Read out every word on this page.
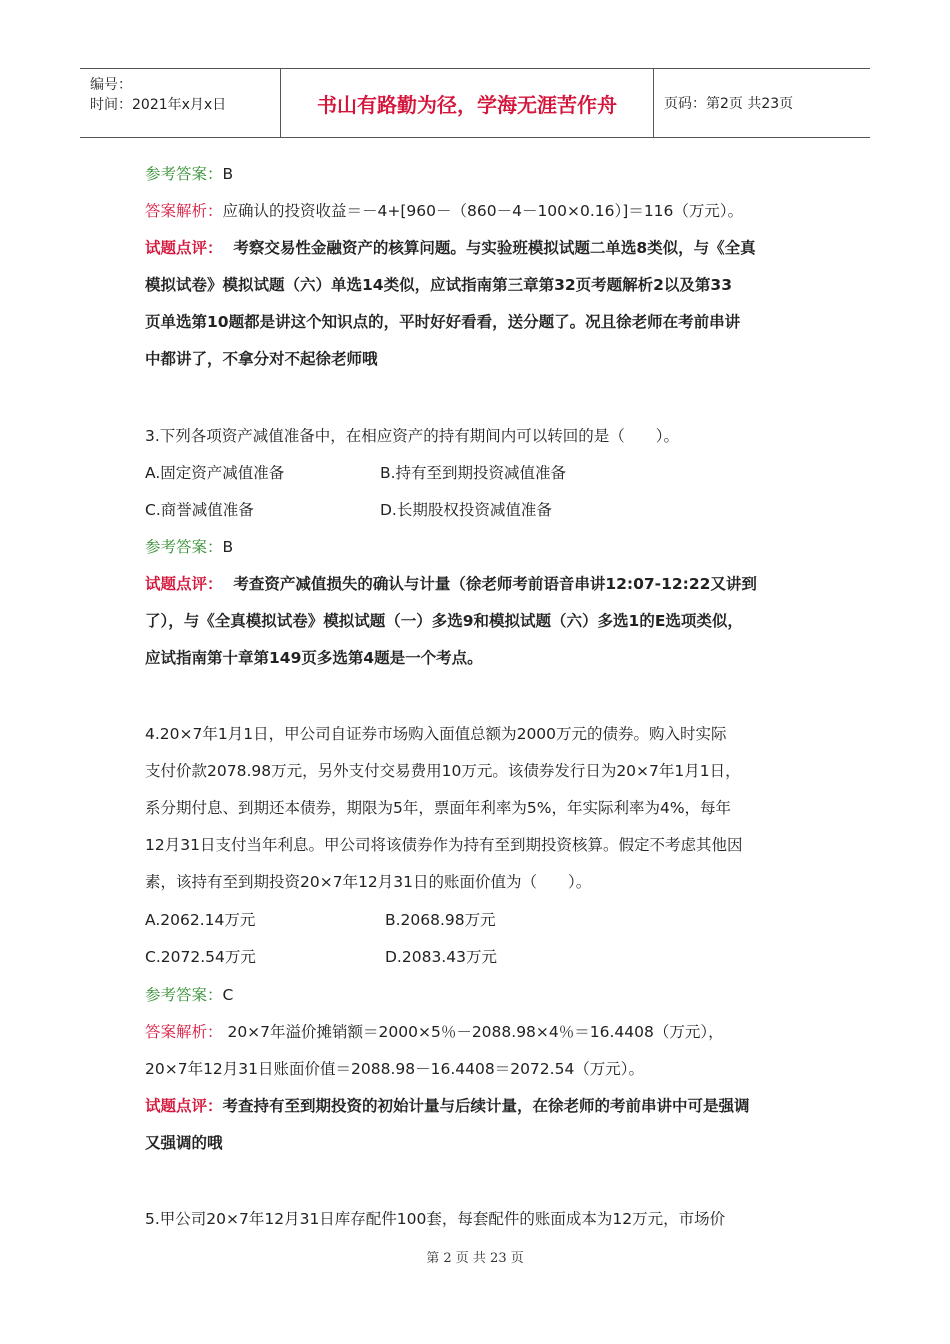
编号：
时间：2021年x月x日	书山有路勤为径，学海无涯苦作舟	页码：第2页 共23页
参考答案：B
答案解析：应确认的投资收益＝－4+[960－（860－4－100×0.16）]＝116（万元）。
试题点评： 考察交易性金融资产的核算问题。与实验班模拟试题二单选8类似，与《全真
模拟试卷》模拟试题（六）单选14类似，应试指南第三章第32页考题解析2以及第33
页单选第10题都是讲这个知识点的，平时好好看看，送分题了。况且徐老师在考前串讲
中都讲了，不拿分对不起徐老师哦
3.下列各项资产减值准备中，在相应资产的持有期间内可以转回的是（　　）。
A.固定资产减值准备	B.持有至到期投资减值准备
C.商誉减值准备	D.长期股权投资减值准备
参考答案：B
试题点评： 考查资产减值损失的确认与计量（徐老师考前语音串讲12:07-12:22又讲到
了），与《全真模拟试卷》模拟试题（一）多选9和模拟试题（六）多选1的E选项类似，
应试指南第十章第149页多选第4题是一个考点。
4.20×7年1月1日，甲公司自证券市场购入面值总额为2000万元的债券。购入时实际
支付价款2078.98万元，另外支付交易费用10万元。该债券发行日为20×7年1月1日，
系分期付息、到期还本债券，期限为5年，票面年利率为5%，年实际利率为4%，每年
12月31日支付当年利息。甲公司将该债券作为持有至到期投资核算。假定不考虑其他因
素，该持有至到期投资20×7年12月31日的账面价值为（　　）。
A.2062.14万元	B.2068.98万元
C.2072.54万元	D.2083.43万元
参考答案：C
答案解析： 20×7年溢价摊销额＝2000×5％－2088.98×4％＝16.4408（万元），
20×7年12月31日账面价值＝2088.98－16.4408＝2072.54（万元）。
试题点评：考查持有至到期投资的初始计量与后续计量，在徐老师的考前串讲中可是强调
又强调的哦
5.甲公司20×7年12月31日库存配件100套，每套配件的账面成本为12万元，市场价
第 2 页 共 23 页
